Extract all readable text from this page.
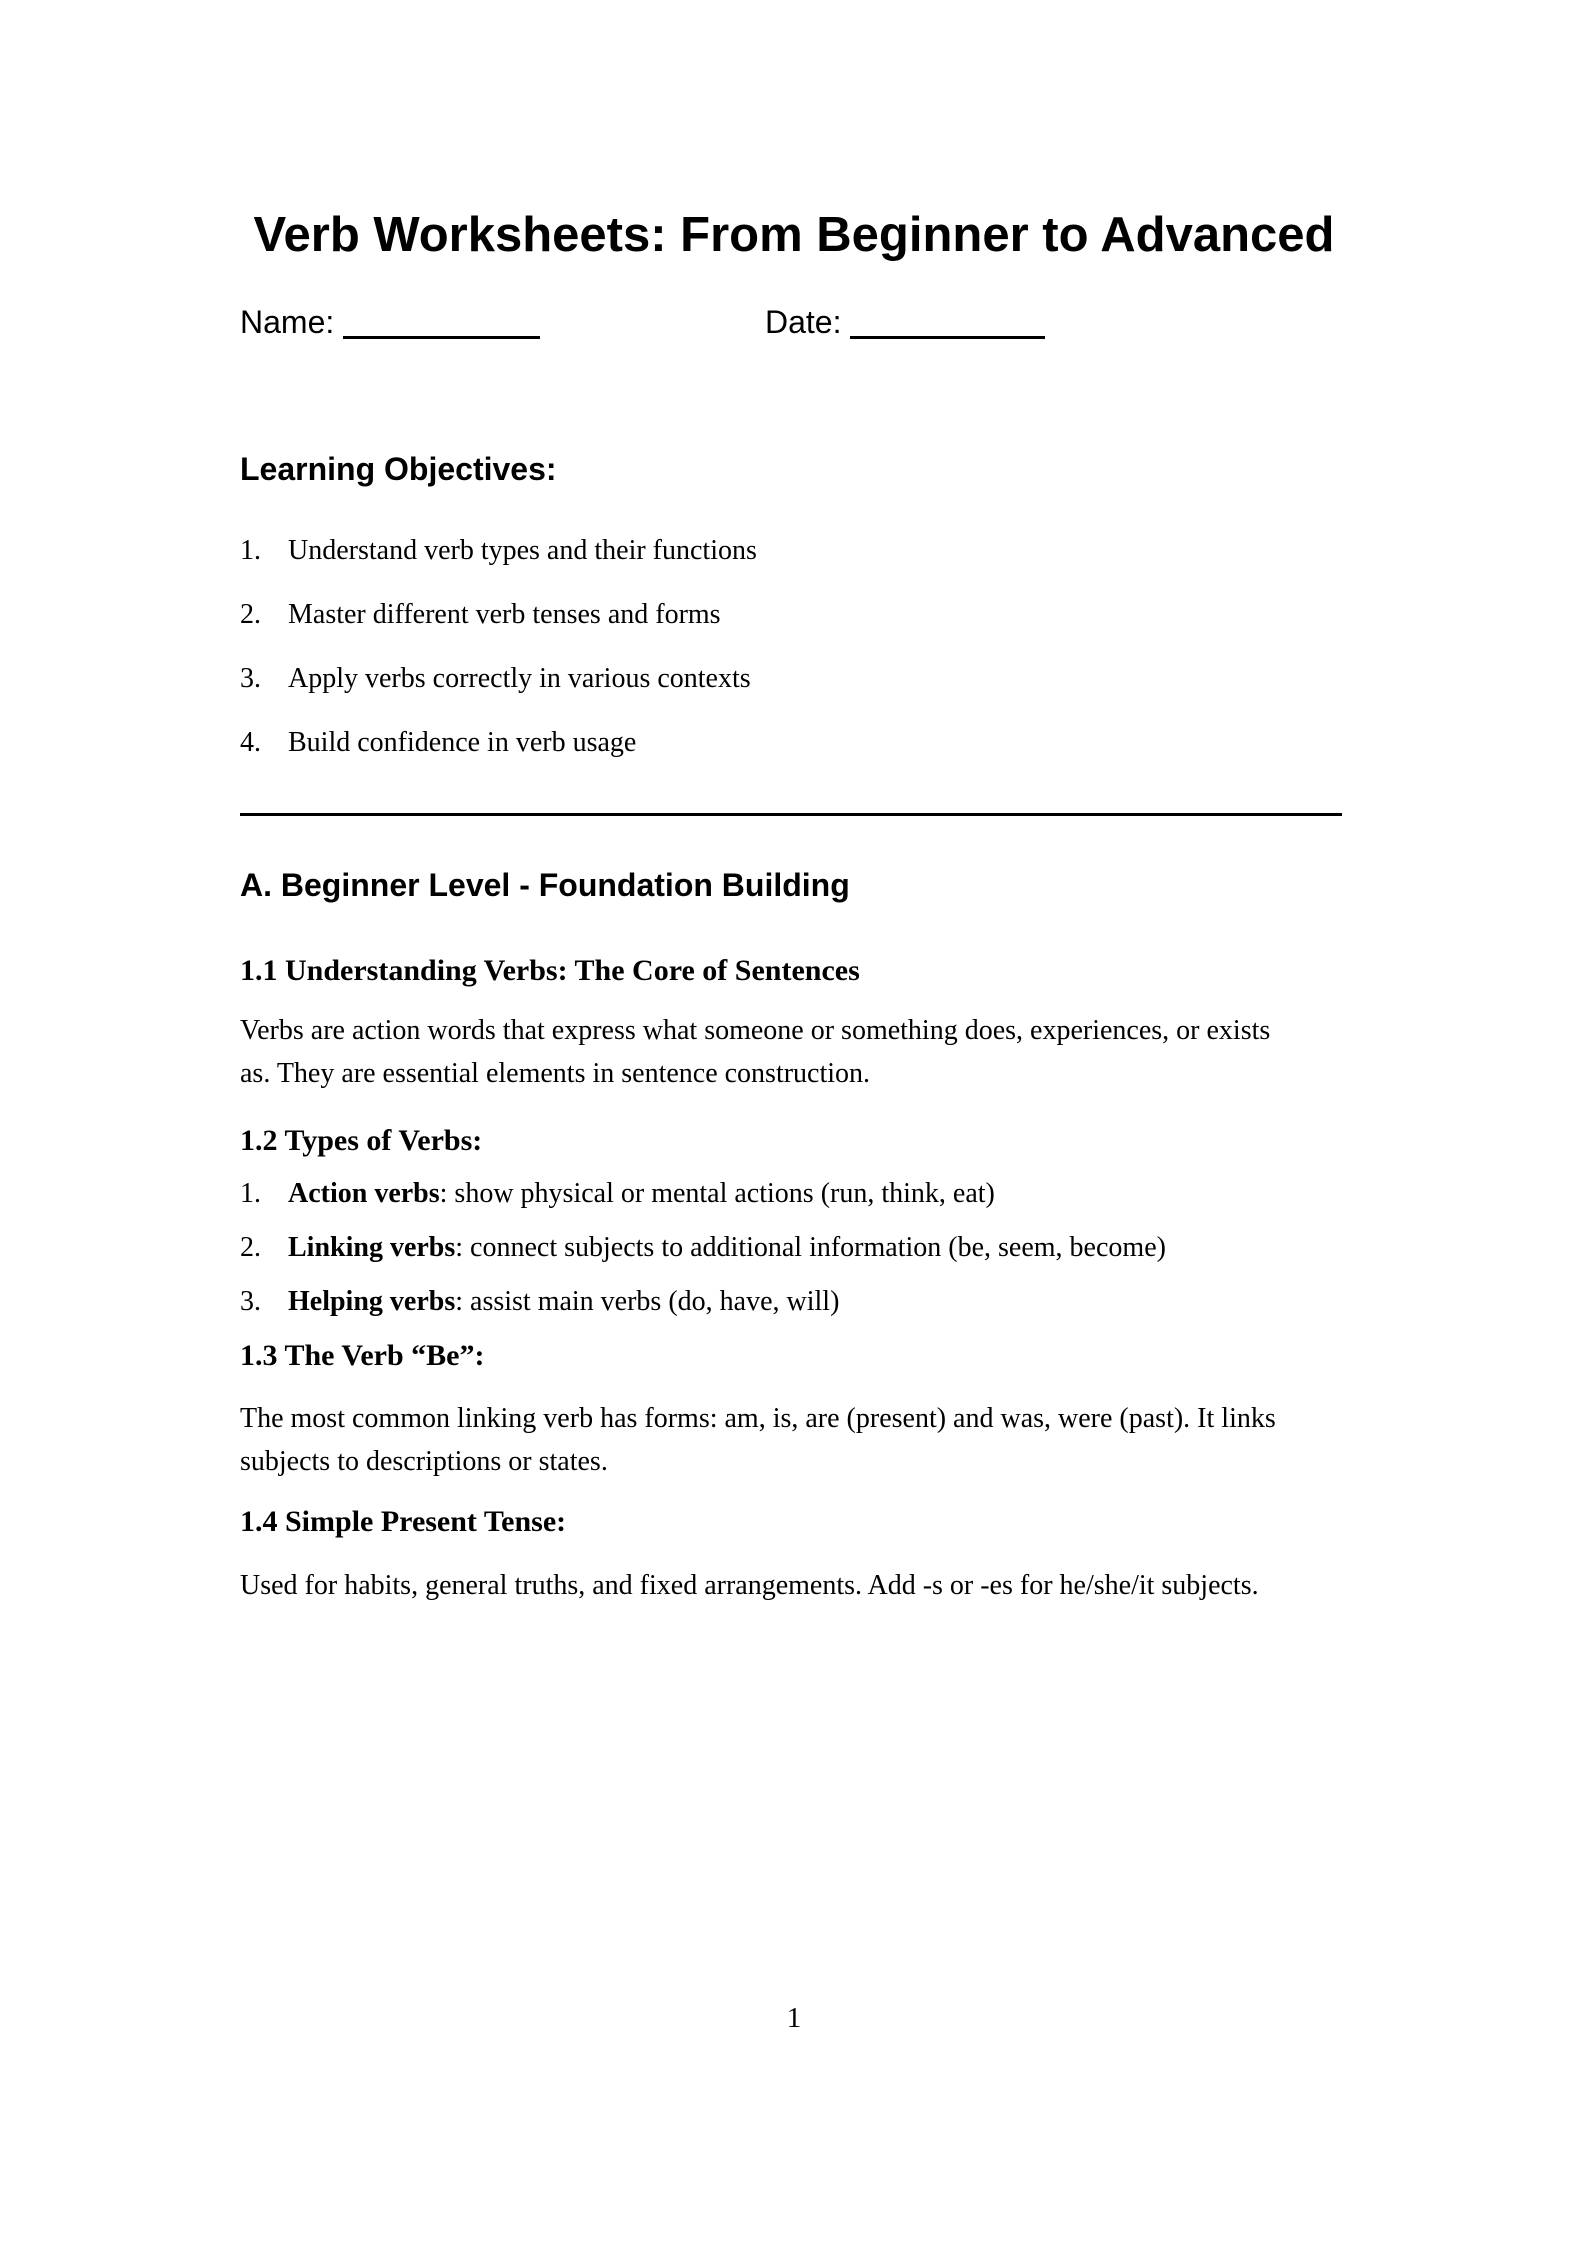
Verb Worksheets: From Beginner to Advanced
Name:	Date:
Learning Objectives:
1. Understand verb types and their functions
2. Master different verb tenses and forms
3. Apply verbs correctly in various contexts
4. Build confidence in verb usage
A. Beginner Level - Foundation Building
1.1 Understanding Verbs: The Core of Sentences
Verbs are action words that express what someone or something does, experiences, or exists
as. They are essential elements in sentence construction.
1.2 Types of Verbs:
1. Action verbs: show physical or mental actions (run, think, eat)
2. Linking verbs: connect subjects to additional information (be, seem, become)
3. Helping verbs: assist main verbs (do, have, will)
1.3 The Verb “Be”:
The most common linking verb has forms: am, is, are (present) and was, were (past). It links
subjects to descriptions or states.
1.4 Simple Present Tense:
Used for habits, general truths, and fixed arrangements. Add -s or -es for he/she/it subjects.
1
